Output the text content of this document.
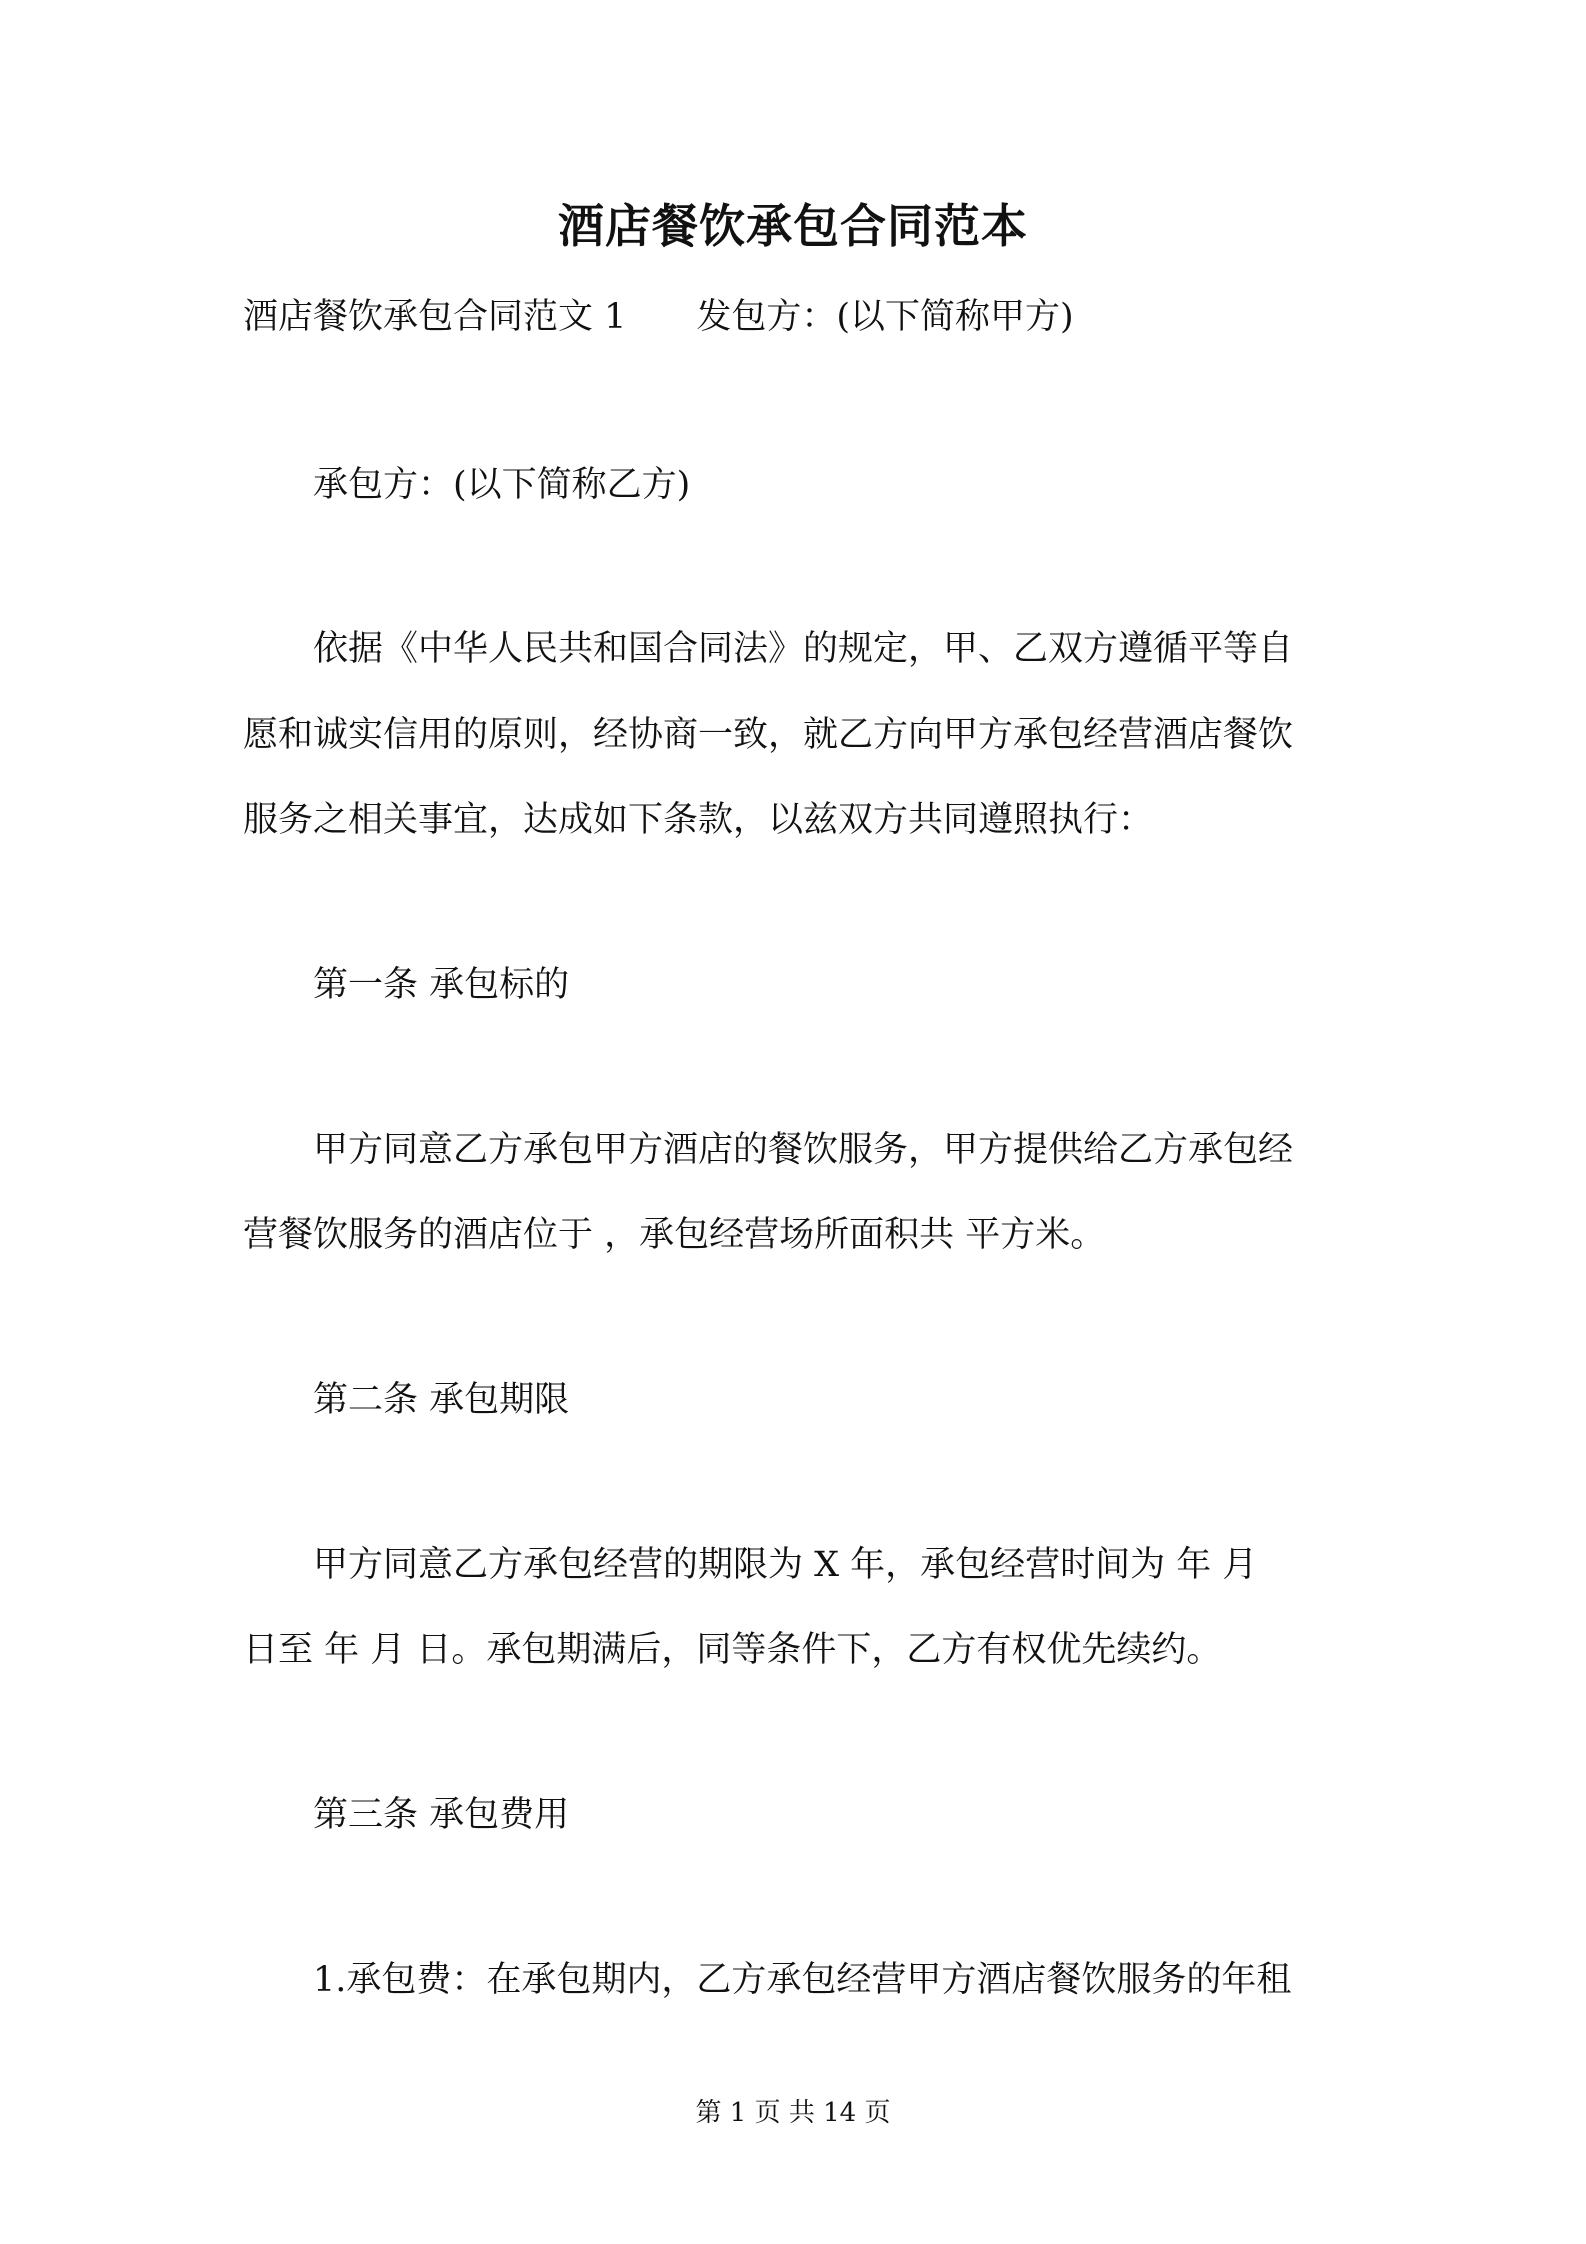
酒店餐饮承包合同范本

酒店餐饮承包合同范文 1 发包方：(以下简称甲方)

　　承包方：(以下简称乙方)

　　依据《中华人民共和国合同法》的规定，甲、乙双方遵循平等自

愿和诚实信用的原则，经协商一致，就乙方向甲方承包经营酒店餐饮

服务之相关事宜，达成如下条款，以兹双方共同遵照执行：

　　第一条 承包标的

　　甲方同意乙方承包甲方酒店的餐饮服务，甲方提供给乙方承包经

营餐饮服务的酒店位于 ，承包经营场所面积共 平方米。

　　第二条 承包期限

　　甲方同意乙方承包经营的期限为 X 年，承包经营时间为 年 月

日至 年 月 日。承包期满后，同等条件下，乙方有权优先续约。

　　第三条 承包费用

　　1.承包费：在承包期内，乙方承包经营甲方酒店餐饮服务的年租

第 1 页 共 14 页
